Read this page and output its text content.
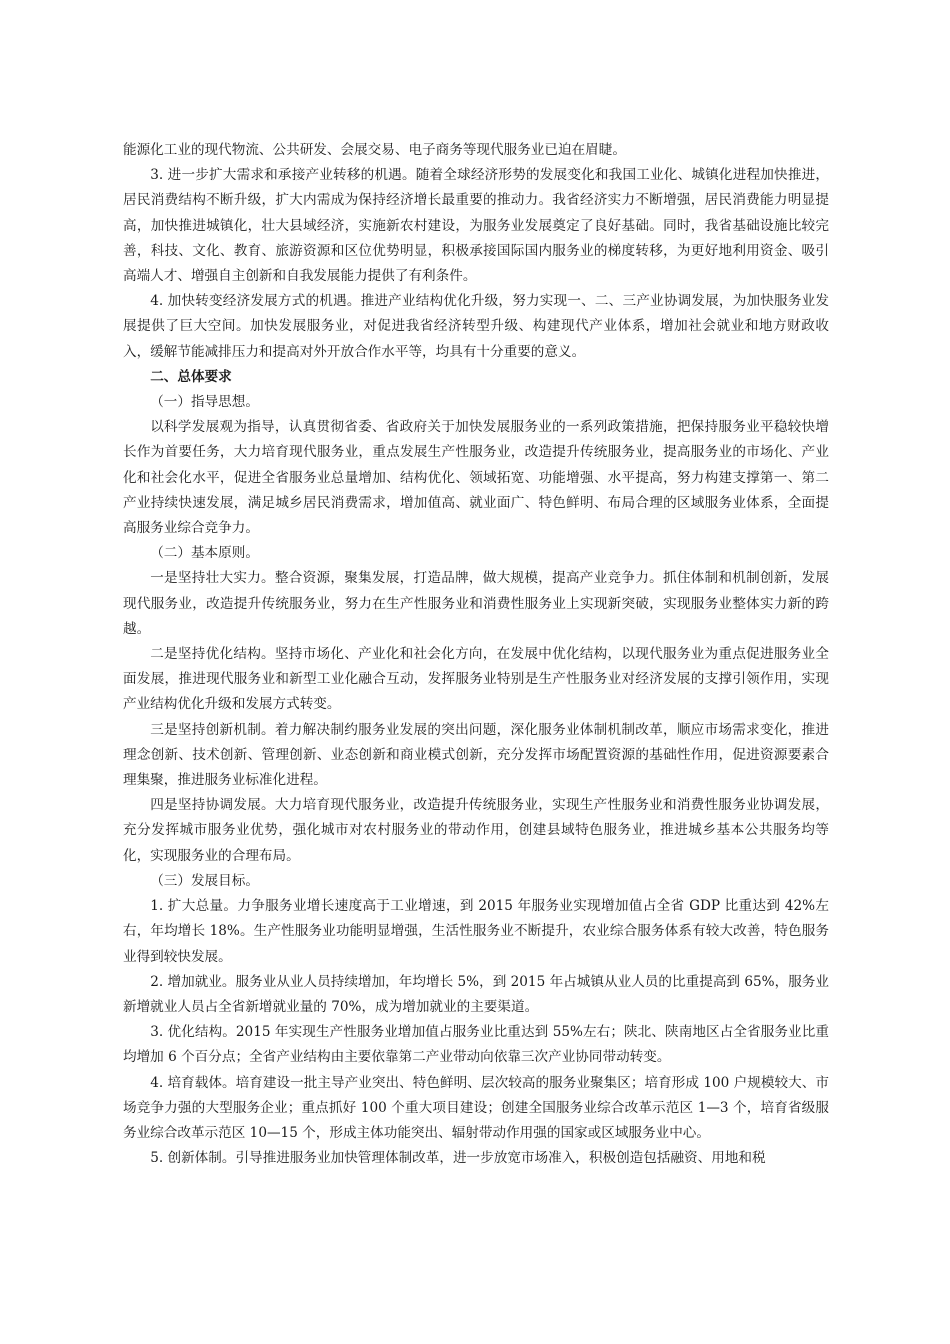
能源化工业的现代物流、公共研发、会展交易、电子商务等现代服务业已迫在眉睫。

3. 进一步扩大需求和承接产业转移的机遇。随着全球经济形势的发展变化和我国工业化、城镇化进程加快推进，居民消费结构不断升级，扩大内需成为保持经济增长最重要的推动力。我省经济实力不断增强，居民消费能力明显提高，加快推进城镇化，壮大县域经济，实施新农村建设，为服务业发展奠定了良好基础。同时，我省基础设施比较完善，科技、文化、教育、旅游资源和区位优势明显，积极承接国际国内服务业的梯度转移，为更好地利用资金、吸引高端人才、增强自主创新和自我发展能力提供了有利条件。

4. 加快转变经济发展方式的机遇。推进产业结构优化升级，努力实现一、二、三产业协调发展，为加快服务业发展提供了巨大空间。加快发展服务业，对促进我省经济转型升级、构建现代产业体系，增加社会就业和地方财政收入，缓解节能减排压力和提高对外开放合作水平等，均具有十分重要的意义。

二、总体要求

（一）指导思想。

以科学发展观为指导，认真贯彻省委、省政府关于加快发展服务业的一系列政策措施，把保持服务业平稳较快增长作为首要任务，大力培育现代服务业，重点发展生产性服务业，改造提升传统服务业，提高服务业的市场化、产业化和社会化水平，促进全省服务业总量增加、结构优化、领域拓宽、功能增强、水平提高，努力构建支撑第一、第二产业持续快速发展，满足城乡居民消费需求，增加值高、就业面广、特色鲜明、布局合理的区域服务业体系，全面提高服务业综合竞争力。

（二）基本原则。

一是坚持壮大实力。整合资源，聚集发展，打造品牌，做大规模，提高产业竞争力。抓住体制和机制创新，发展现代服务业，改造提升传统服务业，努力在生产性服务业和消费性服务业上实现新突破，实现服务业整体实力新的跨越。

二是坚持优化结构。坚持市场化、产业化和社会化方向，在发展中优化结构，以现代服务业为重点促进服务业全面发展，推进现代服务业和新型工业化融合互动，发挥服务业特别是生产性服务业对经济发展的支撑引领作用，实现产业结构优化升级和发展方式转变。

三是坚持创新机制。着力解决制约服务业发展的突出问题，深化服务业体制机制改革，顺应市场需求变化，推进理念创新、技术创新、管理创新、业态创新和商业模式创新，充分发挥市场配置资源的基础性作用，促进资源要素合理集聚，推进服务业标准化进程。

四是坚持协调发展。大力培育现代服务业，改造提升传统服务业，实现生产性服务业和消费性服务业协调发展，充分发挥城市服务业优势，强化城市对农村服务业的带动作用，创建县域特色服务业，推进城乡基本公共服务均等化，实现服务业的合理布局。

（三）发展目标。

1. 扩大总量。力争服务业增长速度高于工业增速，到 2015 年服务业实现增加值占全省 GDP 比重达到 42%左右，年均增长 18%。生产性服务业功能明显增强，生活性服务业不断提升，农业综合服务体系有较大改善，特色服务业得到较快发展。

2. 增加就业。服务业从业人员持续增加，年均增长 5%，到 2015 年占城镇从业人员的比重提高到 65%，服务业新增就业人员占全省新增就业量的 70%，成为增加就业的主要渠道。

3. 优化结构。2015 年实现生产性服务业增加值占服务业比重达到 55%左右；陕北、陕南地区占全省服务业比重均增加 6 个百分点；全省产业结构由主要依靠第二产业带动向依靠三次产业协同带动转变。

4. 培育载体。培育建设一批主导产业突出、特色鲜明、层次较高的服务业聚集区；培育形成 100 户规模较大、市场竞争力强的大型服务企业；重点抓好 100 个重大项目建设；创建全国服务业综合改革示范区 1—3 个，培育省级服务业综合改革示范区 10—15 个，形成主体功能突出、辐射带动作用强的国家或区域服务业中心。

5. 创新体制。引导推进服务业加快管理体制改革，进一步放宽市场准入，积极创造包括融资、用地和税
